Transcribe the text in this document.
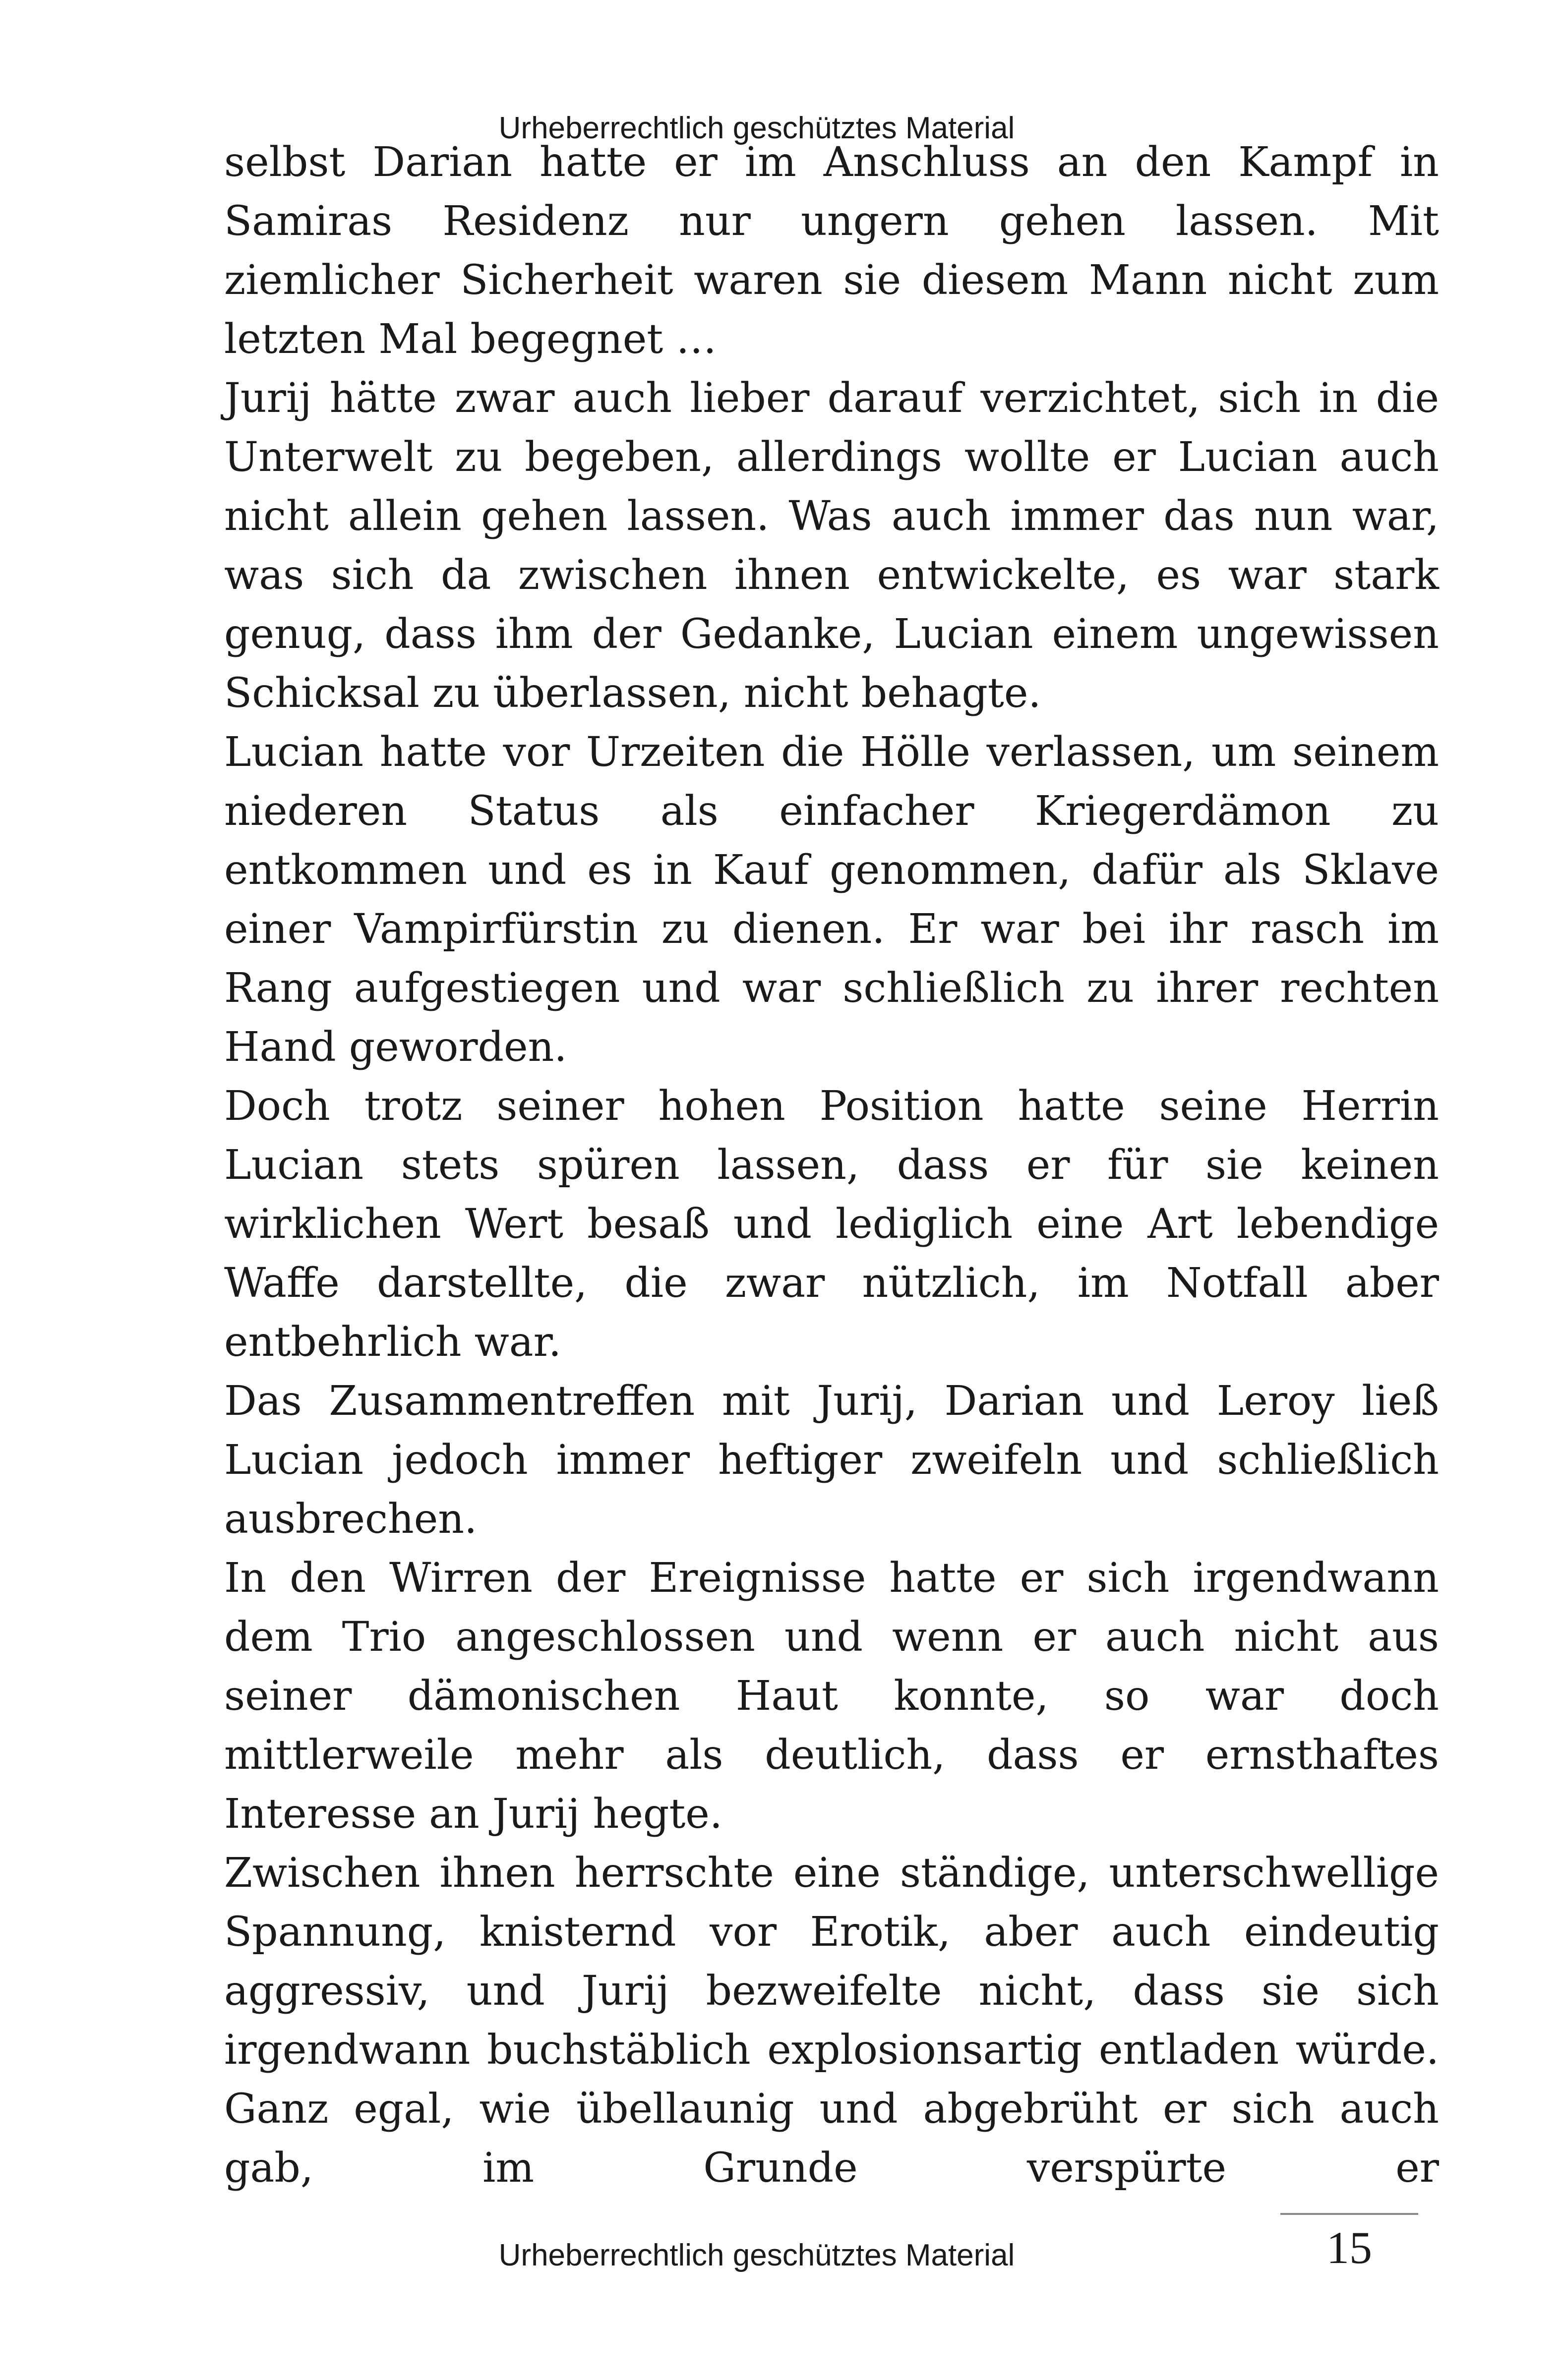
Urheberrechtlich geschütztes Material

selbst Darian hatte er im Anschluss an den Kampf in Samiras Residenz nur ungern gehen lassen. Mit ziemlicher Sicherheit waren sie diesem Mann nicht zum letzten Mal begegnet …

Jurij hätte zwar auch lieber darauf verzichtet, sich in die Unterwelt zu begeben, allerdings wollte er Lucian auch nicht allein gehen lassen. Was auch immer das nun war, was sich da zwischen ihnen entwickelte, es war stark genug, dass ihm der Gedanke, Lucian einem ungewissen Schicksal zu überlassen, nicht behagte.

Lucian hatte vor Urzeiten die Hölle verlassen, um seinem niederen Status als einfacher Kriegerdämon zu entkommen und es in Kauf genommen, dafür als Sklave einer Vampirfürstin zu dienen. Er war bei ihr rasch im Rang aufgestiegen und war schließlich zu ihrer rechten Hand geworden.

Doch trotz seiner hohen Position hatte seine Herrin Lucian stets spüren lassen, dass er für sie keinen wirklichen Wert besaß und lediglich eine Art lebendige Waffe darstellte, die zwar nützlich, im Notfall aber entbehrlich war.

Das Zusammentreffen mit Jurij, Darian und Leroy ließ Lucian jedoch immer heftiger zweifeln und schließlich ausbrechen.

In den Wirren der Ereignisse hatte er sich irgendwann dem Trio angeschlossen und wenn er auch nicht aus seiner dämonischen Haut konnte, so war doch mittlerweile mehr als deutlich, dass er ernsthaftes Interesse an Jurij hegte.

Zwischen ihnen herrschte eine ständige, unterschwellige Spannung, knisternd vor Erotik, aber auch eindeutig aggressiv, und Jurij bezweifelte nicht, dass sie sich irgendwann buchstäblich explosionsartig entladen würde. Ganz egal, wie übellaunig und abgebrüht er sich auch gab, im Grunde verspürte er

15
Urheberrechtlich geschütztes Material
